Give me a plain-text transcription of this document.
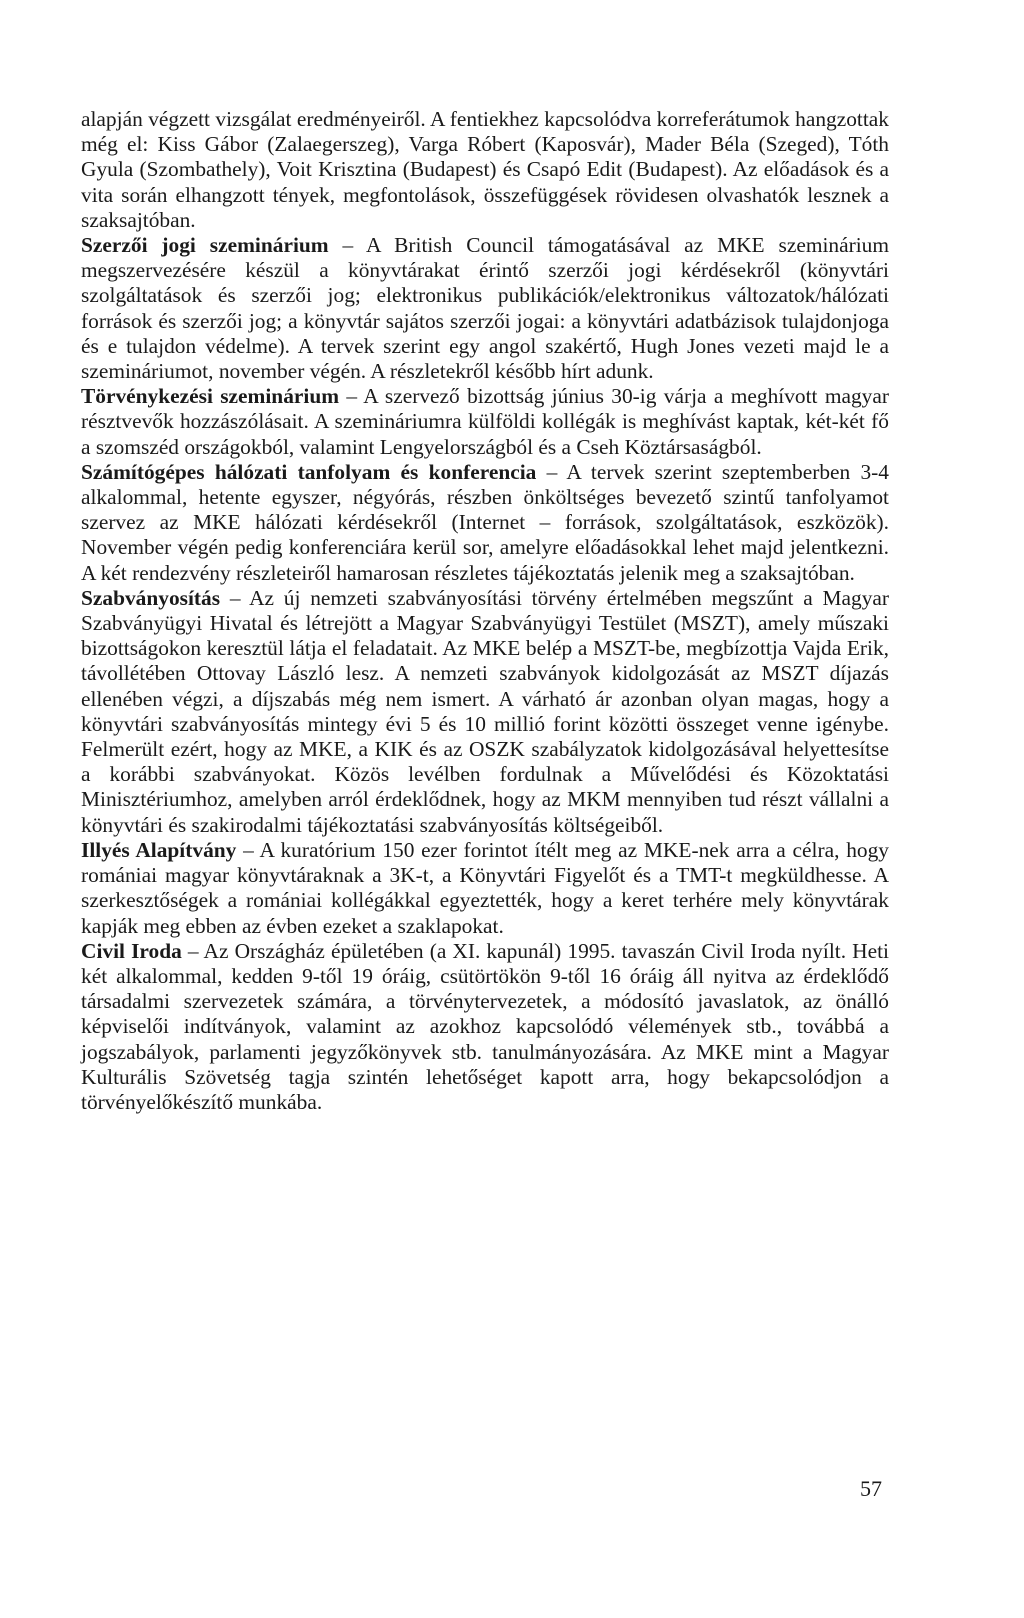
alapján végzett vizsgálat eredményeiről. A fentiekhez kapcsolódva korreferátumok hangzottak még el: Kiss Gábor (Zalaegerszeg), Varga Róbert (Kaposvár), Mader Béla (Szeged), Tóth Gyula (Szombathely), Voit Krisztina (Budapest) és Csapó Edit (Budapest). Az előadások és a vita során elhangzott tények, megfontolások, összefüggések rövidesen olvashatók lesznek a szaksajtóban.

Szerzői jogi szeminárium – A British Council támogatásával az MKE szeminárium megszervezésére készül a könyvtárakat érintő szerzői jogi kérdésekről (könyvtári szolgáltatások és szerzői jog; elektronikus publikációk/elektronikus változatok/hálózati források és szerzői jog; a könyvtár sajátos szerzői jogai: a könyvtári adatbázisok tulajdonjoga és e tulajdon védelme). A tervek szerint egy angol szakértő, Hugh Jones vezeti majd le a szemináriumot, november végén. A részletekről később hírt adunk.

Törvénykezési szeminárium – A szervező bizottság június 30-ig várja a meghívott magyar résztvevők hozzászólásait. A szemináriumra külföldi kollégák is meghívást kaptak, két-két fő a szomszéd országokból, valamint Lengyelországból és a Cseh Köztársaságból.

Számítógépes hálózati tanfolyam és konferencia – A tervek szerint szeptemberben 3-4 alkalommal, hetente egyszer, négyórás, részben önköltséges bevezető szintű tanfolyamot szervez az MKE hálózati kérdésekről (Internet – források, szolgáltatások, eszközök). November végén pedig konferenciára kerül sor, amelyre előadásokkal lehet majd jelentkezni. A két rendezvény részleteiről hamarosan részletes tájékoztatás jelenik meg a szaksajtóban.

Szabványosítás – Az új nemzeti szabványosítási törvény értelmében megszűnt a Magyar Szabványügyi Hivatal és létrejött a Magyar Szabványügyi Testület (MSZT), amely műszaki bizottságokon keresztül látja el feladatait. Az MKE belép a MSZT-be, megbízottja Vajda Erik, távollétében Ottovay László lesz. A nemzeti szabványok kidolgozását az MSZT díjazás ellenében végzi, a díjszabás még nem ismert. A várható ár azonban olyan magas, hogy a könyvtári szabványosítás mintegy évi 5 és 10 millió forint közötti összeget venne igénybe. Felmerült ezért, hogy az MKE, a KIK és az OSZK szabályzatok kidolgozásával helyettesítse a korábbi szabványokat. Közös levélben fordulnak a Művelődési és Közoktatási Minisztériumhoz, amelyben arról érdeklődnek, hogy az MKM mennyiben tud részt vállalni a könyvtári és szakirodalmi tájékoztatási szabványosítás költségeiből.

Illyés Alapítvány – A kuratórium 150 ezer forintot ítélt meg az MKE-nek arra a célra, hogy romániai magyar könyvtáraknak a 3K-t, a Könyvtári Figyelőt és a TMT-t megküldhesse. A szerkesztőségek a romániai kollégákkal egyeztették, hogy a keret terhére mely könyvtárak kapják meg ebben az évben ezeket a szaklapokat.

Civil Iroda – Az Országház épületében (a XI. kapunál) 1995. tavaszán Civil Iroda nyílt. Heti két alkalommal, kedden 9-től 19 óráig, csütörtökön 9-től 16 óráig áll nyitva az érdeklődő társadalmi szervezetek számára, a törvénytervezetek, a módosító javaslatok, az önálló képviselői indítványok, valamint az azokhoz kapcsolódó vélemények stb., továbbá a jogszabályok, parlamenti jegyzőkönyvek stb. tanulmányozására. Az MKE mint a Magyar Kulturális Szövetség tagja szintén lehetőséget kapott arra, hogy bekapcsolódjon a törvényelőkészítő munkába.

57
